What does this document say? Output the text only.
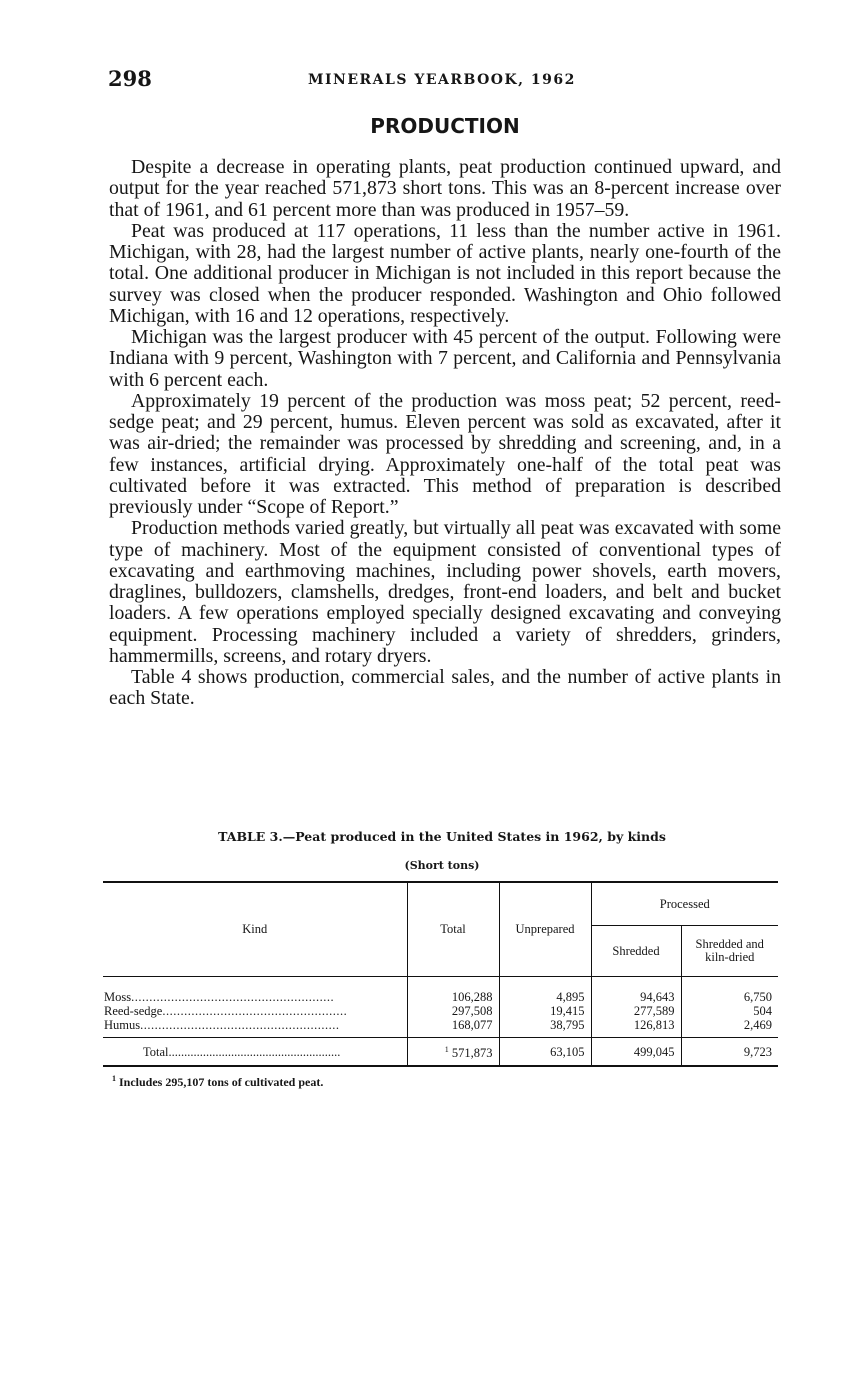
298	MINERALS YEARBOOK, 1962
PRODUCTION

Despite a decrease in operating plants, peat production continued upward, and output for the year reached 571,873 short tons. This was an 8-percent increase over that of 1961, and 61 percent more than was produced in 1957–59.

Peat was produced at 117 operations, 11 less than the number active in 1961. Michigan, with 28, had the largest number of active plants, nearly one-fourth of the total. One additional producer in Michigan is not included in this report because the survey was closed when the producer responded. Washington and Ohio followed Michigan, with 16 and 12 operations, respectively.

Michigan was the largest producer with 45 percent of the output. Following were Indiana with 9 percent, Washington with 7 percent, and California and Pennsylvania with 6 percent each.

Approximately 19 percent of the production was moss peat; 52 percent, reed-sedge peat; and 29 percent, humus. Eleven percent was sold as excavated, after it was air-dried; the remainder was processed by shredding and screening, and, in a few instances, artificial drying. Approximately one-half of the total peat was cultivated before it was extracted. This method of preparation is described previously under “Scope of Report.”

Production methods varied greatly, but virtually all peat was excavated with some type of machinery. Most of the equipment consisted of conventional types of excavating and earthmoving machines, including power shovels, earth movers, draglines, bulldozers, clamshells, dredges, front-end loaders, and belt and bucket loaders. A few operations employed specially designed excavating and conveying equipment. Processing machinery included a variety of shredders, grinders, hammermills, screens, and rotary dryers.

Table 4 shows production, commercial sales, and the number of active plants in each State.

TABLE 3.—Peat produced in the United States in 1962, by kinds
(Short tons)
Kind	Total	Unprepared	Processed	
			Shredded	Shredded and kiln-dried

Moss........................................................	106,288	4,895	94,643	6,750
Reed-sedge...................................................	297,508	19,415	277,589	504
Humus.......................................................	168,077	38,795	126,813	2,469

Total.......................................................	$^1$ 571,873	63,105	499,045	9,723
$^1$ Includes 295,107 tons of cultivated peat.
